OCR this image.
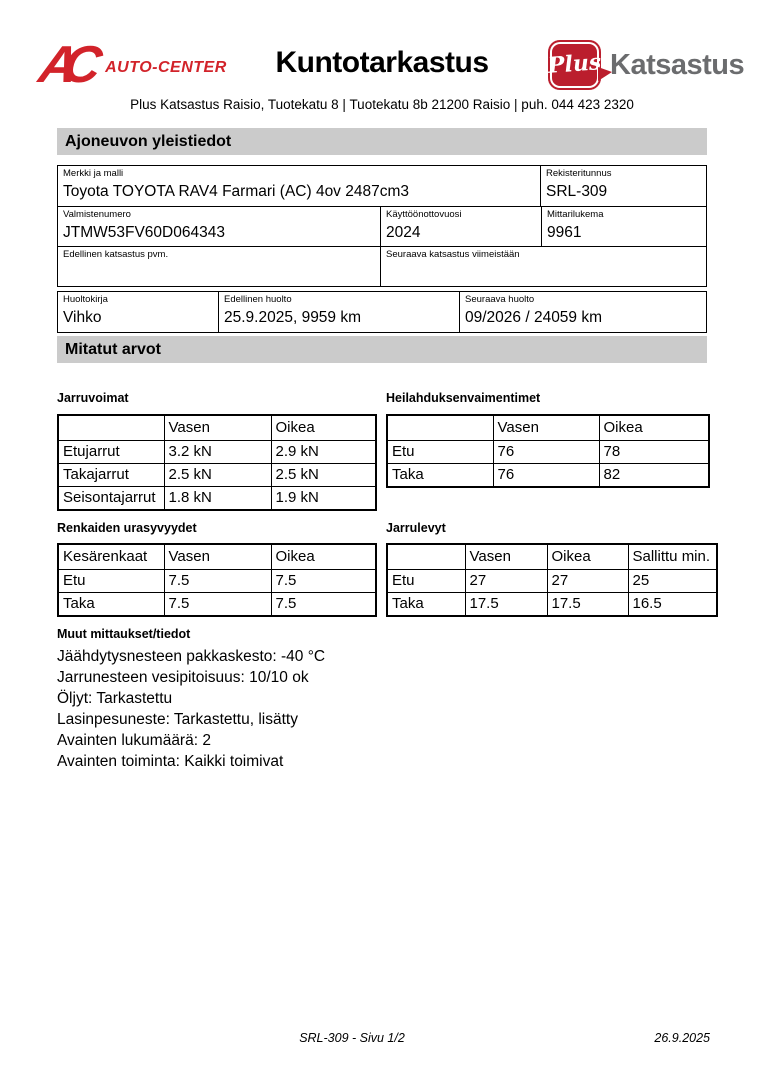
AC AUTO-CENTER	Kuntotarkastus	Plus Katsastus
Plus Katsastus Raisio, Tuotekatu 8 | Tuotekatu 8b 21200 Raisio | puh. 044 423 2320
Ajoneuvon yleistiedot
Merkki ja malli
Toyota TOYOTA RAV4 Farmari (AC) 4ov 2487cm3
Rekisteritunnus
SRL-309
Valmistenumero
JTMW53FV60D064343
Käyttöönottovuosi
2024
Mittarilukema
9961
Edellinen katsastus pvm.	Seuraava katsastus viimeistään
Huoltokirja
Vihko
Edellinen huolto
25.9.2025, 9959 km
Seuraava huolto
09/2026 / 24059 km
Mitatut arvot
Jarruvoimat
	Vasen	Oikea
Etujarrut	3.2 kN	2.9 kN
Takajarrut	2.5 kN	2.5 kN
Seisontajarrut	1.8 kN	1.9 kN
Heilahduksenvaimentimet
	Vasen	Oikea
Etu	76	78
Taka	76	82
Renkaiden urasyvyydet
Kesärenkaat	Vasen	Oikea
Etu	7.5	7.5
Taka	7.5	7.5
Jarrulevyt
	Vasen	Oikea	Sallittu min.
Etu	27	27	25
Taka	17.5	17.5	16.5
Muut mittaukset/tiedot
Jäähdytysnesteen pakkaskesto: -40 °C
Jarrunesteen vesipitoisuus: 10/10 ok
Öljyt: Tarkastettu
Lasinpesuneste: Tarkastettu, lisätty
Avainten lukumäärä: 2
Avainten toiminta: Kaikki toimivat
SRL-309 - Sivu 1/2	26.9.2025
